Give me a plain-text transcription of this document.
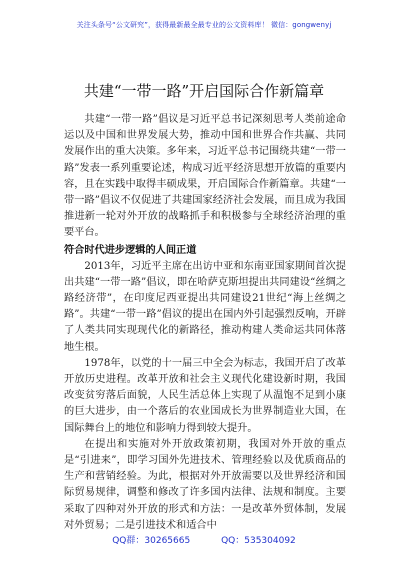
关注头条号“公文研究”，获得最新最全最专业的公文资料库！ 微信：gongwenyj
共建“一带一路”开启国际合作新篇章

共建“一带一路”倡议是习近平总书记深刻思考人类前途命运以及中国和世界发展大势，推动中国和世界合作共赢、共同发展作出的重大决策。多年来，习近平总书记围绕共建“一带一路”发表一系列重要论述，构成习近平经济思想开放篇的重要内容，且在实践中取得丰硕成果，开启国际合作新篇章。共建“一带一路”倡议不仅促进了共建国家经济社会发展，而且成为我国推进新一轮对外开放的战略抓手和积极参与全球经济治理的重要平台。

符合时代进步逻辑的人间正道

2013年，习近平主席在出访中亚和东南亚国家期间首次提出共建“一带一路”倡议，即在哈萨克斯坦提出共同建设“丝绸之路经济带”，在印度尼西亚提出共同建设21世纪“海上丝绸之路”。共建“一带一路”倡议的提出在国内外引起强烈反响，开辟了人类共同实现现代化的新路径，推动构建人类命运共同体落地生根。

1978年，以党的十一届三中全会为标志，我国开启了改革开放历史进程。改革开放和社会主义现代化建设新时期，我国改变贫穷落后面貌，人民生活总体上实现了从温饱不足到小康的巨大进步，由一个落后的农业国成长为世界制造业大国，在国际舞台上的地位和影响力得到较大提升。

在提出和实施对外开放政策初期，我国对外开放的重点是“引进来”，即学习国外先进技术、管理经验以及优质商品的生产和营销经验。为此，根据对外开放需要以及世界经济和国际贸易规律，调整和修改了许多国内法律、法规和制度。主要采取了四种对外开放的形式和方法：一是改革外贸体制，发展对外贸易；二是引进技术和适合中

QQ群：30265665	QQ：535304092
